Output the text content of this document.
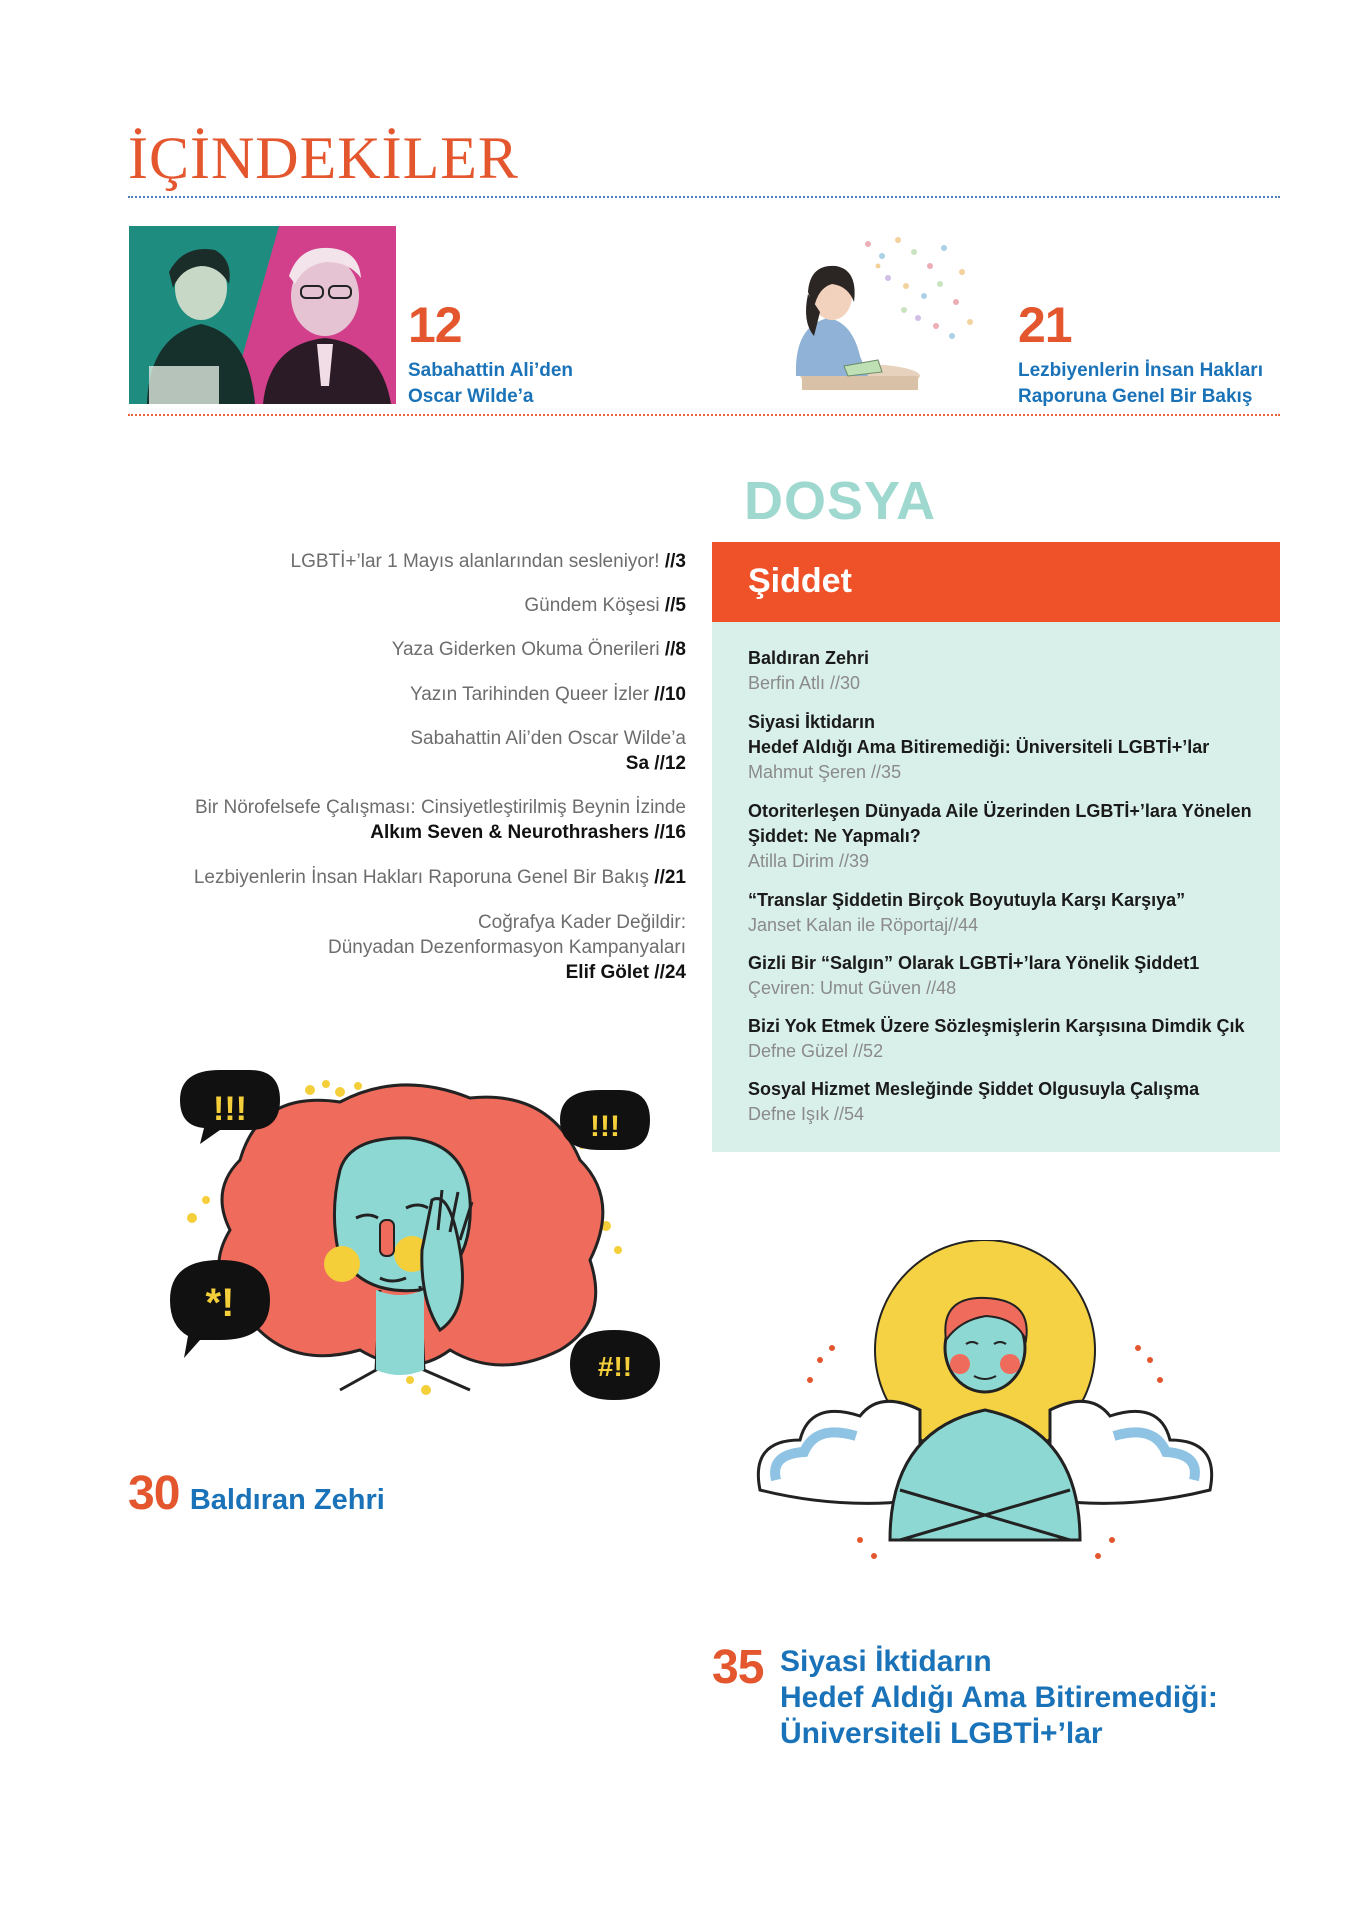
İÇİNDEKİLER
12
Sabahattin Ali’den
Oscar Wilde’a
21
Lezbiyenlerin İnsan Hakları
Raporuna Genel Bir Bakış
DOSYA
Şiddet
Baldıran Zehri
Berfin Atlı //30
Siyasi İktidarın
Hedef Aldığı Ama Bitiremediği: Üniversiteli LGBTİ+’lar
Mahmut Şeren //35
Otoriterleşen Dünyada Aile Üzerinden LGBTİ+’lara Yönelen
Şiddet: Ne Yapmalı?
Atilla Dirim //39
“Translar Şiddetin Birçok Boyutuyla Karşı Karşıya”
Janset Kalan ile Röportaj//44
Gizli Bir “Salgın” Olarak LGBTİ+’lara Yönelik Şiddet1
Çeviren: Umut Güven //48
Bizi Yok Etmek Üzere Sözleşmişlerin Karşısına Dimdik Çık
Defne Güzel //52
Sosyal Hizmet Mesleğinde Şiddet Olgusuyla Çalışma
Defne Işık //54
LGBTİ+’lar 1 Mayıs alanlarından sesleniyor! //3
Gündem Köşesi //5
Yaza Giderken Okuma Önerileri //8
Yazın Tarihinden Queer İzler //10
Sabahattin Ali’den Oscar Wilde’a
Sa //12
Bir Nörofelsefe Çalışması: Cinsiyetleştirilmiş Beynin İzinde
Alkım Seven & Neurothrashers //16
Lezbiyenlerin İnsan Hakları Raporuna Genel Bir Bakış //21
Coğrafya Kader Değildir:
Dünyadan Dezenformasyon Kampanyaları
Elif Gölet //24
!!!	!!!
*!
#!!
30 Baldıran Zehri
35 Siyasi İktidarın
Hedef Aldığı Ama Bitiremediği:
Üniversiteli LGBTİ+’lar
